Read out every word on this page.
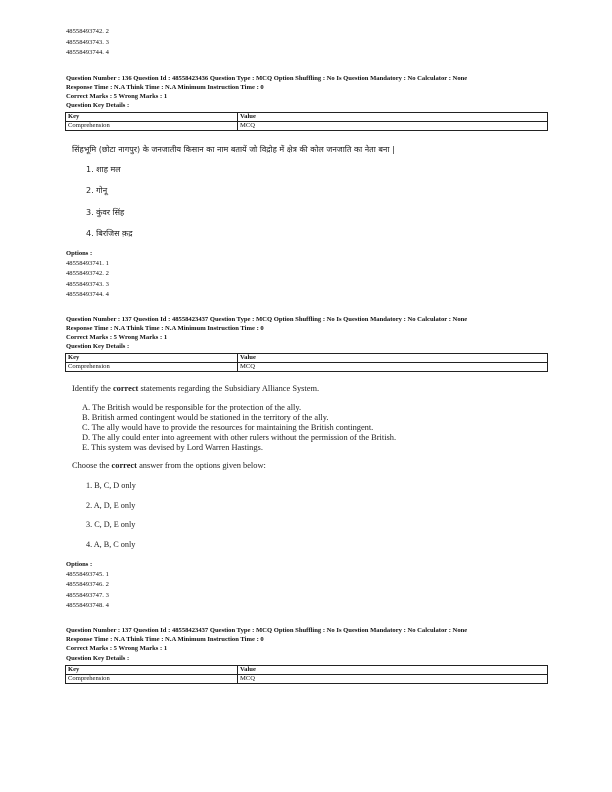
48558493742. 2
48558493743. 3
48558493744. 4
Question Number : 136 Question Id : 48558423436 Question Type : MCQ Option Shuffling : No Is Question Mandatory : No Calculator : None
Response Time : N.A Think Time : N.A Minimum Instruction Time : 0
Correct Marks : 5 Wrong Marks : 1
Question Key Details :
Key	Value
Comprehension	MCQ
सिंहभूमि (छोटा नागपुर) के जनजातीय किसान का नाम बतायें जो विद्रोह में क्षेत्र की कोल जनजाति का नेता बना |
1. शाह मल
2. गोनू
3. कुंवर सिंह
4. बिरजिस क़द्र
Options :
48558493741. 1
48558493742. 2
48558493743. 3
48558493744. 4
Question Number : 137 Question Id : 48558423437 Question Type : MCQ Option Shuffling : No Is Question Mandatory : No Calculator : None
Response Time : N.A Think Time : N.A Minimum Instruction Time : 0
Correct Marks : 5 Wrong Marks : 1
Question Key Details :
Key	Value
Comprehension	MCQ
Identify the correct statements regarding the Subsidiary Alliance System.
A. The British would be responsible for the protection of the ally.
B. British armed contingent would be stationed in the territory of the ally.
C. The ally would have to provide the resources for maintaining the British contingent.
D. The ally could enter into agreement with other rulers without the permission of the British.
E. This system was devised by Lord Warren Hastings.
Choose the correct answer from the options given below:
1. B, C, D only
2. A, D, E only
3. C, D, E only
4. A, B, C only
Options :
48558493745. 1
48558493746. 2
48558493747. 3
48558493748. 4
Question Number : 137 Question Id : 48558423437 Question Type : MCQ Option Shuffling : No Is Question Mandatory : No Calculator : None
Response Time : N.A Think Time : N.A Minimum Instruction Time : 0
Correct Marks : 5 Wrong Marks : 1
Question Key Details :
Key	Value
Comprehension	MCQ
